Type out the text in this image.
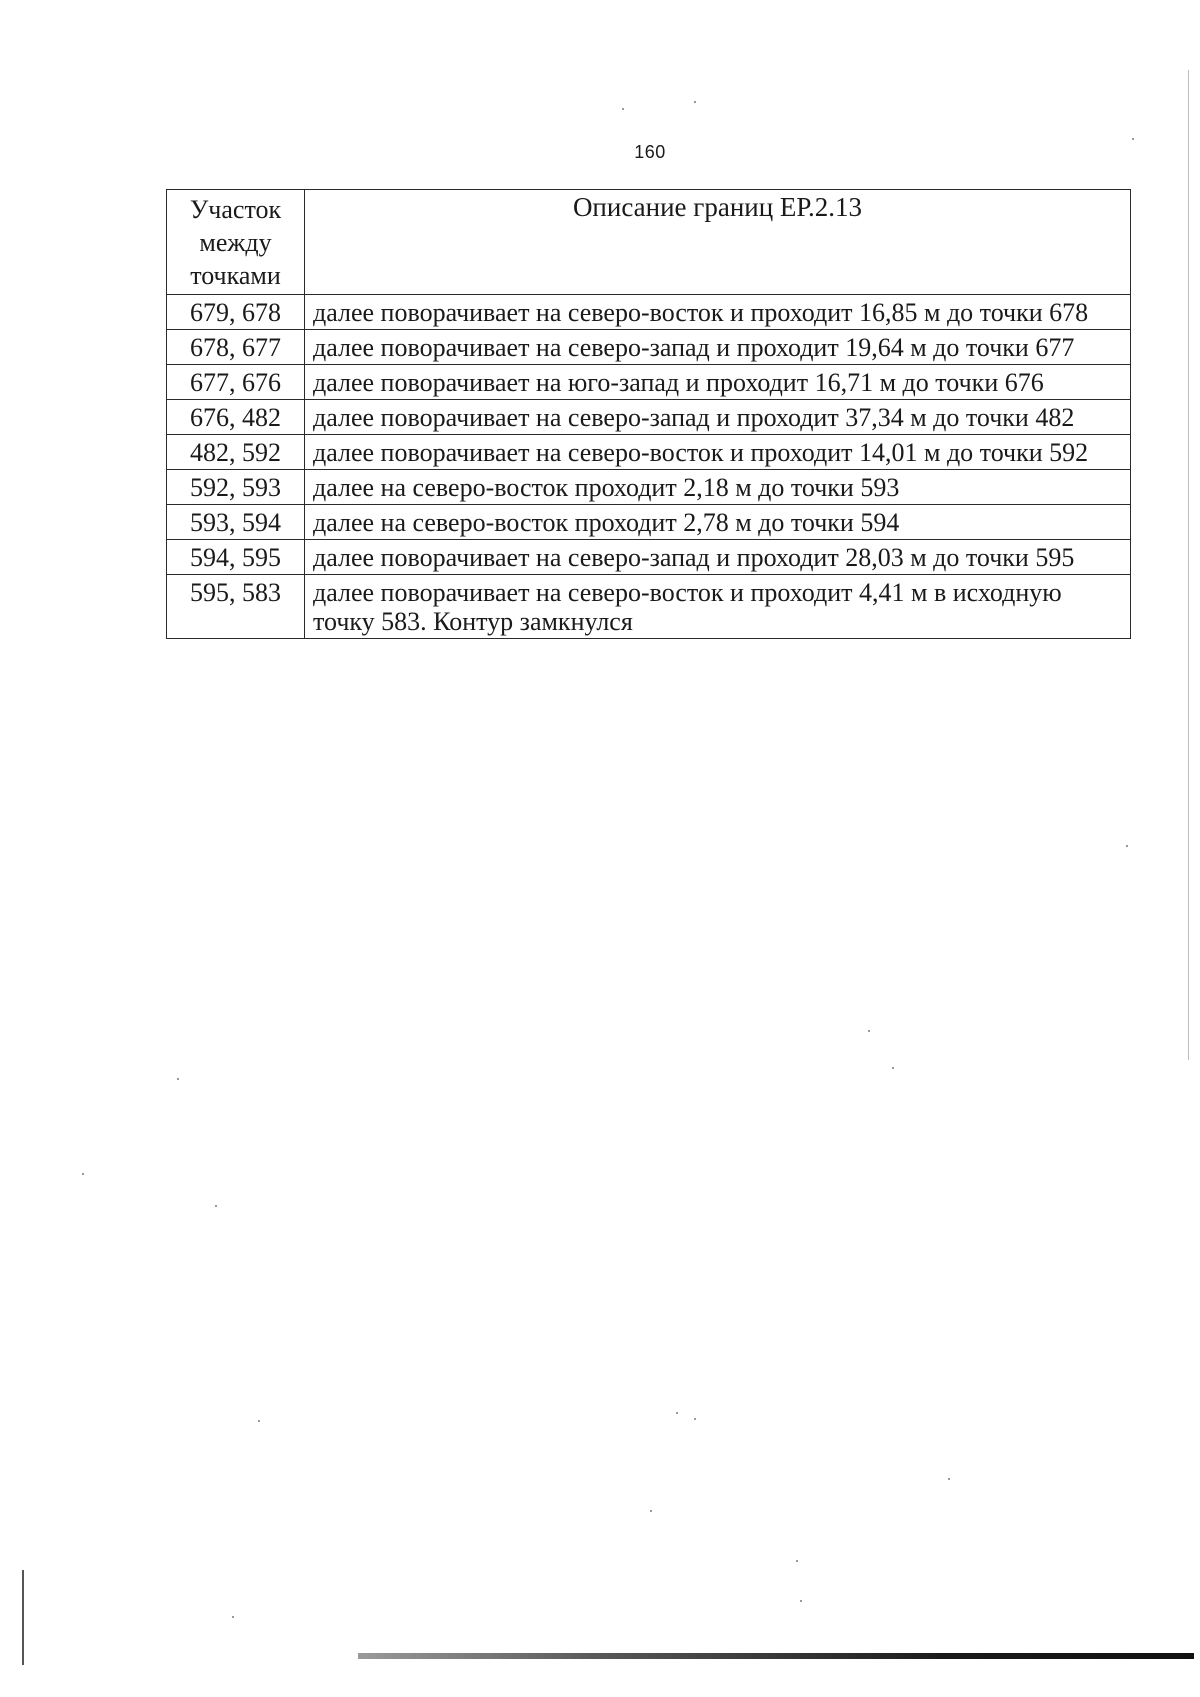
160
Участок между точками	Описание границ ЕР.2.13
679, 678	далее поворачивает на северо-восток и проходит 16,85 м до точки 678
678, 677	далее поворачивает на северо-запад и проходит 19,64 м до точки 677
677, 676	далее поворачивает на юго-запад и проходит 16,71 м до точки 676
676, 482	далее поворачивает на северо-запад и проходит 37,34 м до точки 482
482, 592	далее поворачивает на северо-восток и проходит 14,01 м до точки 592
592, 593	далее на северо-восток проходит 2,18 м до точки 593
593, 594	далее на северо-восток проходит 2,78 м до точки 594
594, 595	далее поворачивает на северо-запад и проходит 28,03 м до точки 595
595, 583	далее поворачивает на северо-восток и проходит 4,41 м в исходную точку 583. Контур замкнулся
